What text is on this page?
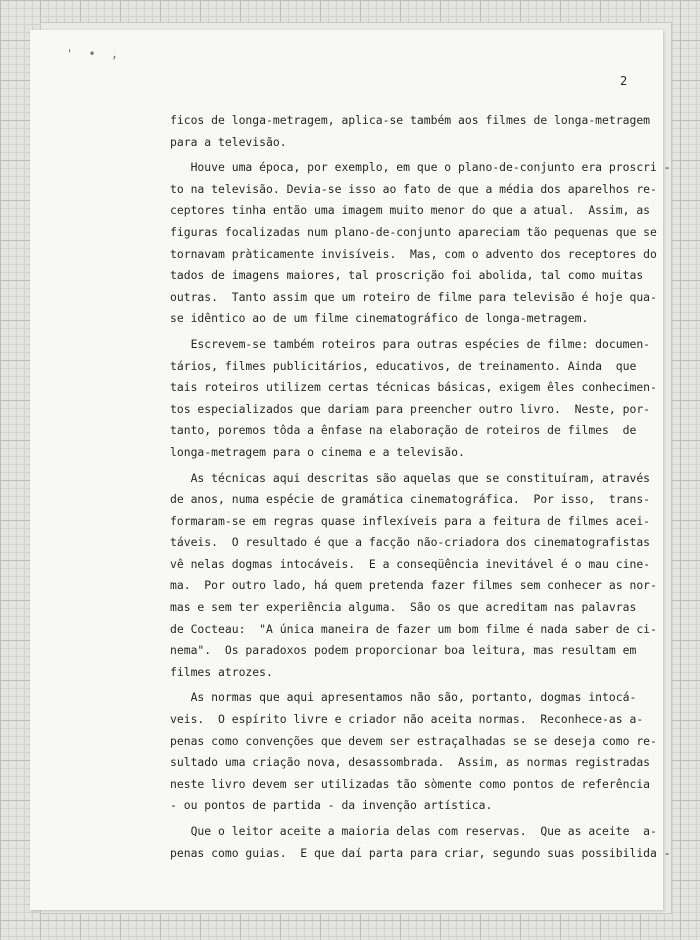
' • ,
2
ficos de longa-metragem, aplica-se também aos filmes de longa-metragem
para a televisão.
Houve uma época, por exemplo, em que o plano-de-conjunto era proscri -
to na televisão. Devia-se isso ao fato de que a média dos aparelhos re-
ceptores tinha então uma imagem muito menor do que a atual.  Assim, as
figuras focalizadas num plano-de-conjunto apareciam tão pequenas que se
tornavam pràticamente invisíveis.  Mas, com o advento dos receptores do
tados de imagens maiores, tal proscrição foi abolida, tal como muitas
outras.  Tanto assim que um roteiro de filme para televisão é hoje qua-
se idêntico ao de um filme cinematográfico de longa-metragem.
Escrevem-se também roteiros para outras espécies de filme: documen-
tários, filmes publicitários, educativos, de treinamento. Ainda  que
tais roteiros utilizem certas técnicas básicas, exigem êles conhecimen-
tos especializados que dariam para preencher outro livro.  Neste, por-
tanto, poremos tôda a ênfase na elaboração de roteiros de filmes  de
longa-metragem para o cinema e a televisão.
As técnicas aqui descritas são aquelas que se constituíram, através
de anos, numa espécie de gramática cinematográfica.  Por isso,  trans-
formaram-se em regras quase inflexíveis para a feitura de filmes acei-
táveis.  O resultado é que a facção não-criadora dos cinematografistas
vê nelas dogmas intocáveis.  E a conseqüência inevitável é o mau cine-
ma.  Por outro lado, há quem pretenda fazer filmes sem conhecer as nor-
mas e sem ter experiência alguma.  São os que acreditam nas palavras
de Cocteau:  "A única maneira de fazer um bom filme é nada saber de ci-
nema".  Os paradoxos podem proporcionar boa leitura, mas resultam em
filmes atrozes.
As normas que aqui apresentamos não são, portanto, dogmas intocá-
veis.  O espírito livre e criador não aceita normas.  Reconhece-as a-
penas como convenções que devem ser estraçalhadas se se deseja como re-
sultado uma criação nova, desassombrada.  Assim, as normas registradas
neste livro devem ser utilizadas tão sòmente como pontos de referência
- ou pontos de partida - da invenção artística.
Que o leitor aceite a maioria delas com reservas.  Que as aceite  a-
penas como guias.  E que daí parta para criar, segundo suas possibilida -
